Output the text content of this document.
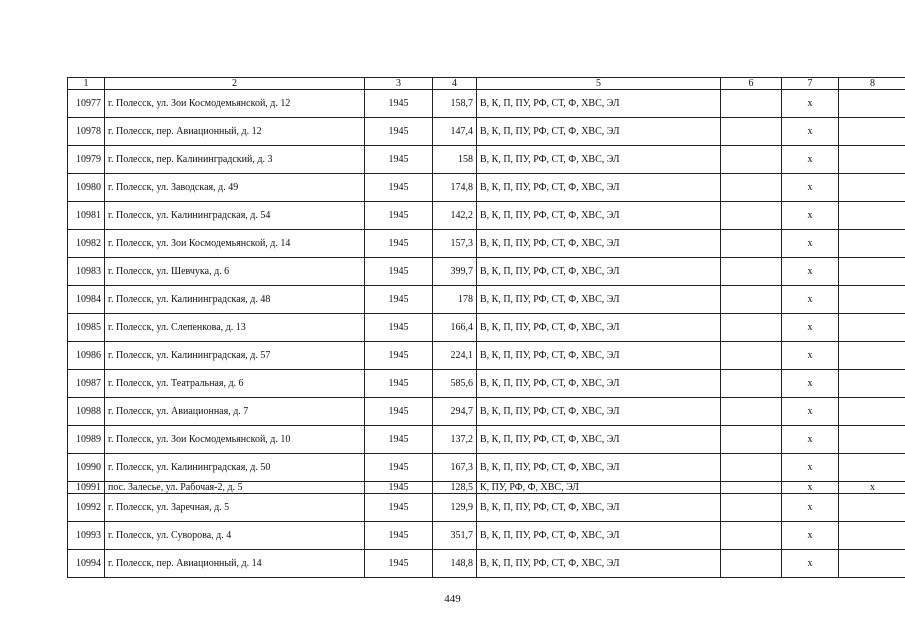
1	2	3	4	5	6	7	8
10977	г. Полесск, ул. Зои Космодемьянской, д. 12	1945	158,7	В, К, П, ПУ, РФ, СТ, Ф, ХВС, ЭЛ		х	
10978	г. Полесск, пер. Авиационный, д. 12	1945	147,4	В, К, П, ПУ, РФ, СТ, Ф, ХВС, ЭЛ		х	
10979	г. Полесск, пер. Калининградский, д. 3	1945	158	В, К, П, ПУ, РФ, СТ, Ф, ХВС, ЭЛ		х	
10980	г. Полесск, ул. Заводская, д. 49	1945	174,8	В, К, П, ПУ, РФ, СТ, Ф, ХВС, ЭЛ		х	
10981	г. Полесск, ул. Калининградская, д. 54	1945	142,2	В, К, П, ПУ, РФ, СТ, Ф, ХВС, ЭЛ		х	
10982	г. Полесск, ул. Зои Космодемьянской, д. 14	1945	157,3	В, К, П, ПУ, РФ, СТ, Ф, ХВС, ЭЛ		х	
10983	г. Полесск, ул. Шевчука, д. 6	1945	399,7	В, К, П, ПУ, РФ, СТ, Ф, ХВС, ЭЛ		х	
10984	г. Полесск, ул. Калининградская, д. 48	1945	178	В, К, П, ПУ, РФ, СТ, Ф, ХВС, ЭЛ		х	
10985	г. Полесск, ул. Слепенкова, д. 13	1945	166,4	В, К, П, ПУ, РФ, СТ, Ф, ХВС, ЭЛ		х	
10986	г. Полесск, ул. Калининградская, д. 57	1945	224,1	В, К, П, ПУ, РФ, СТ, Ф, ХВС, ЭЛ		х	
10987	г. Полесск, ул. Театральная, д. 6	1945	585,6	В, К, П, ПУ, РФ, СТ, Ф, ХВС, ЭЛ		х	
10988	г. Полесск, ул. Авиационная, д. 7	1945	294,7	В, К, П, ПУ, РФ, СТ, Ф, ХВС, ЭЛ		х	
10989	г. Полесск, ул. Зои Космодемьянской, д. 10	1945	137,2	В, К, П, ПУ, РФ, СТ, Ф, ХВС, ЭЛ		х	
10990	г. Полесск, ул. Калининградская, д. 50	1945	167,3	В, К, П, ПУ, РФ, СТ, Ф, ХВС, ЭЛ		х	
10991	пос. Залесье, ул. Рабочая-2, д. 5	1945	128,5	К, ПУ, РФ, Ф, ХВС, ЭЛ		х	х
10992	г. Полесск, ул. Заречная, д. 5	1945	129,9	В, К, П, ПУ, РФ, СТ, Ф, ХВС, ЭЛ		х	
10993	г. Полесск, ул. Суворова, д. 4	1945	351,7	В, К, П, ПУ, РФ, СТ, Ф, ХВС, ЭЛ		х	
10994	г. Полесск, пер. Авиационный, д. 14	1945	148,8	В, К, П, ПУ, РФ, СТ, Ф, ХВС, ЭЛ		х	
449
